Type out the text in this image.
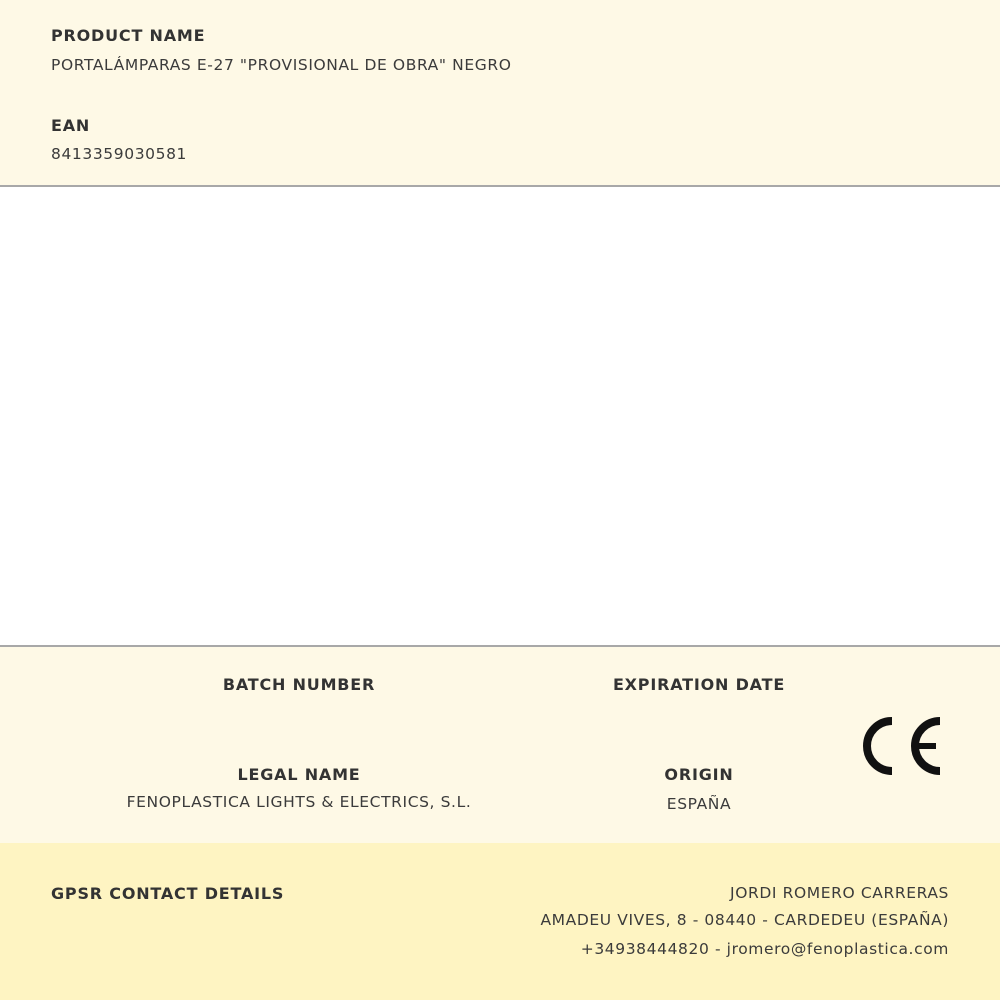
PRODUCT NAME
PORTALÁMPARAS E-27 "PROVISIONAL DE OBRA" NEGRO
EAN
8413359030581
BATCH NUMBER	EXPIRATION DATE
LEGAL NAME
FENOPLASTICA LIGHTS & ELECTRICS, S.L.
ORIGIN
ESPAÑA
GPSR CONTACT DETAILS	JORDI ROMERO CARRERAS
AMADEU VIVES, 8 - 08440 - CARDEDEU (ESPAÑA)
+34938444820 - jromero@fenoplastica.com
